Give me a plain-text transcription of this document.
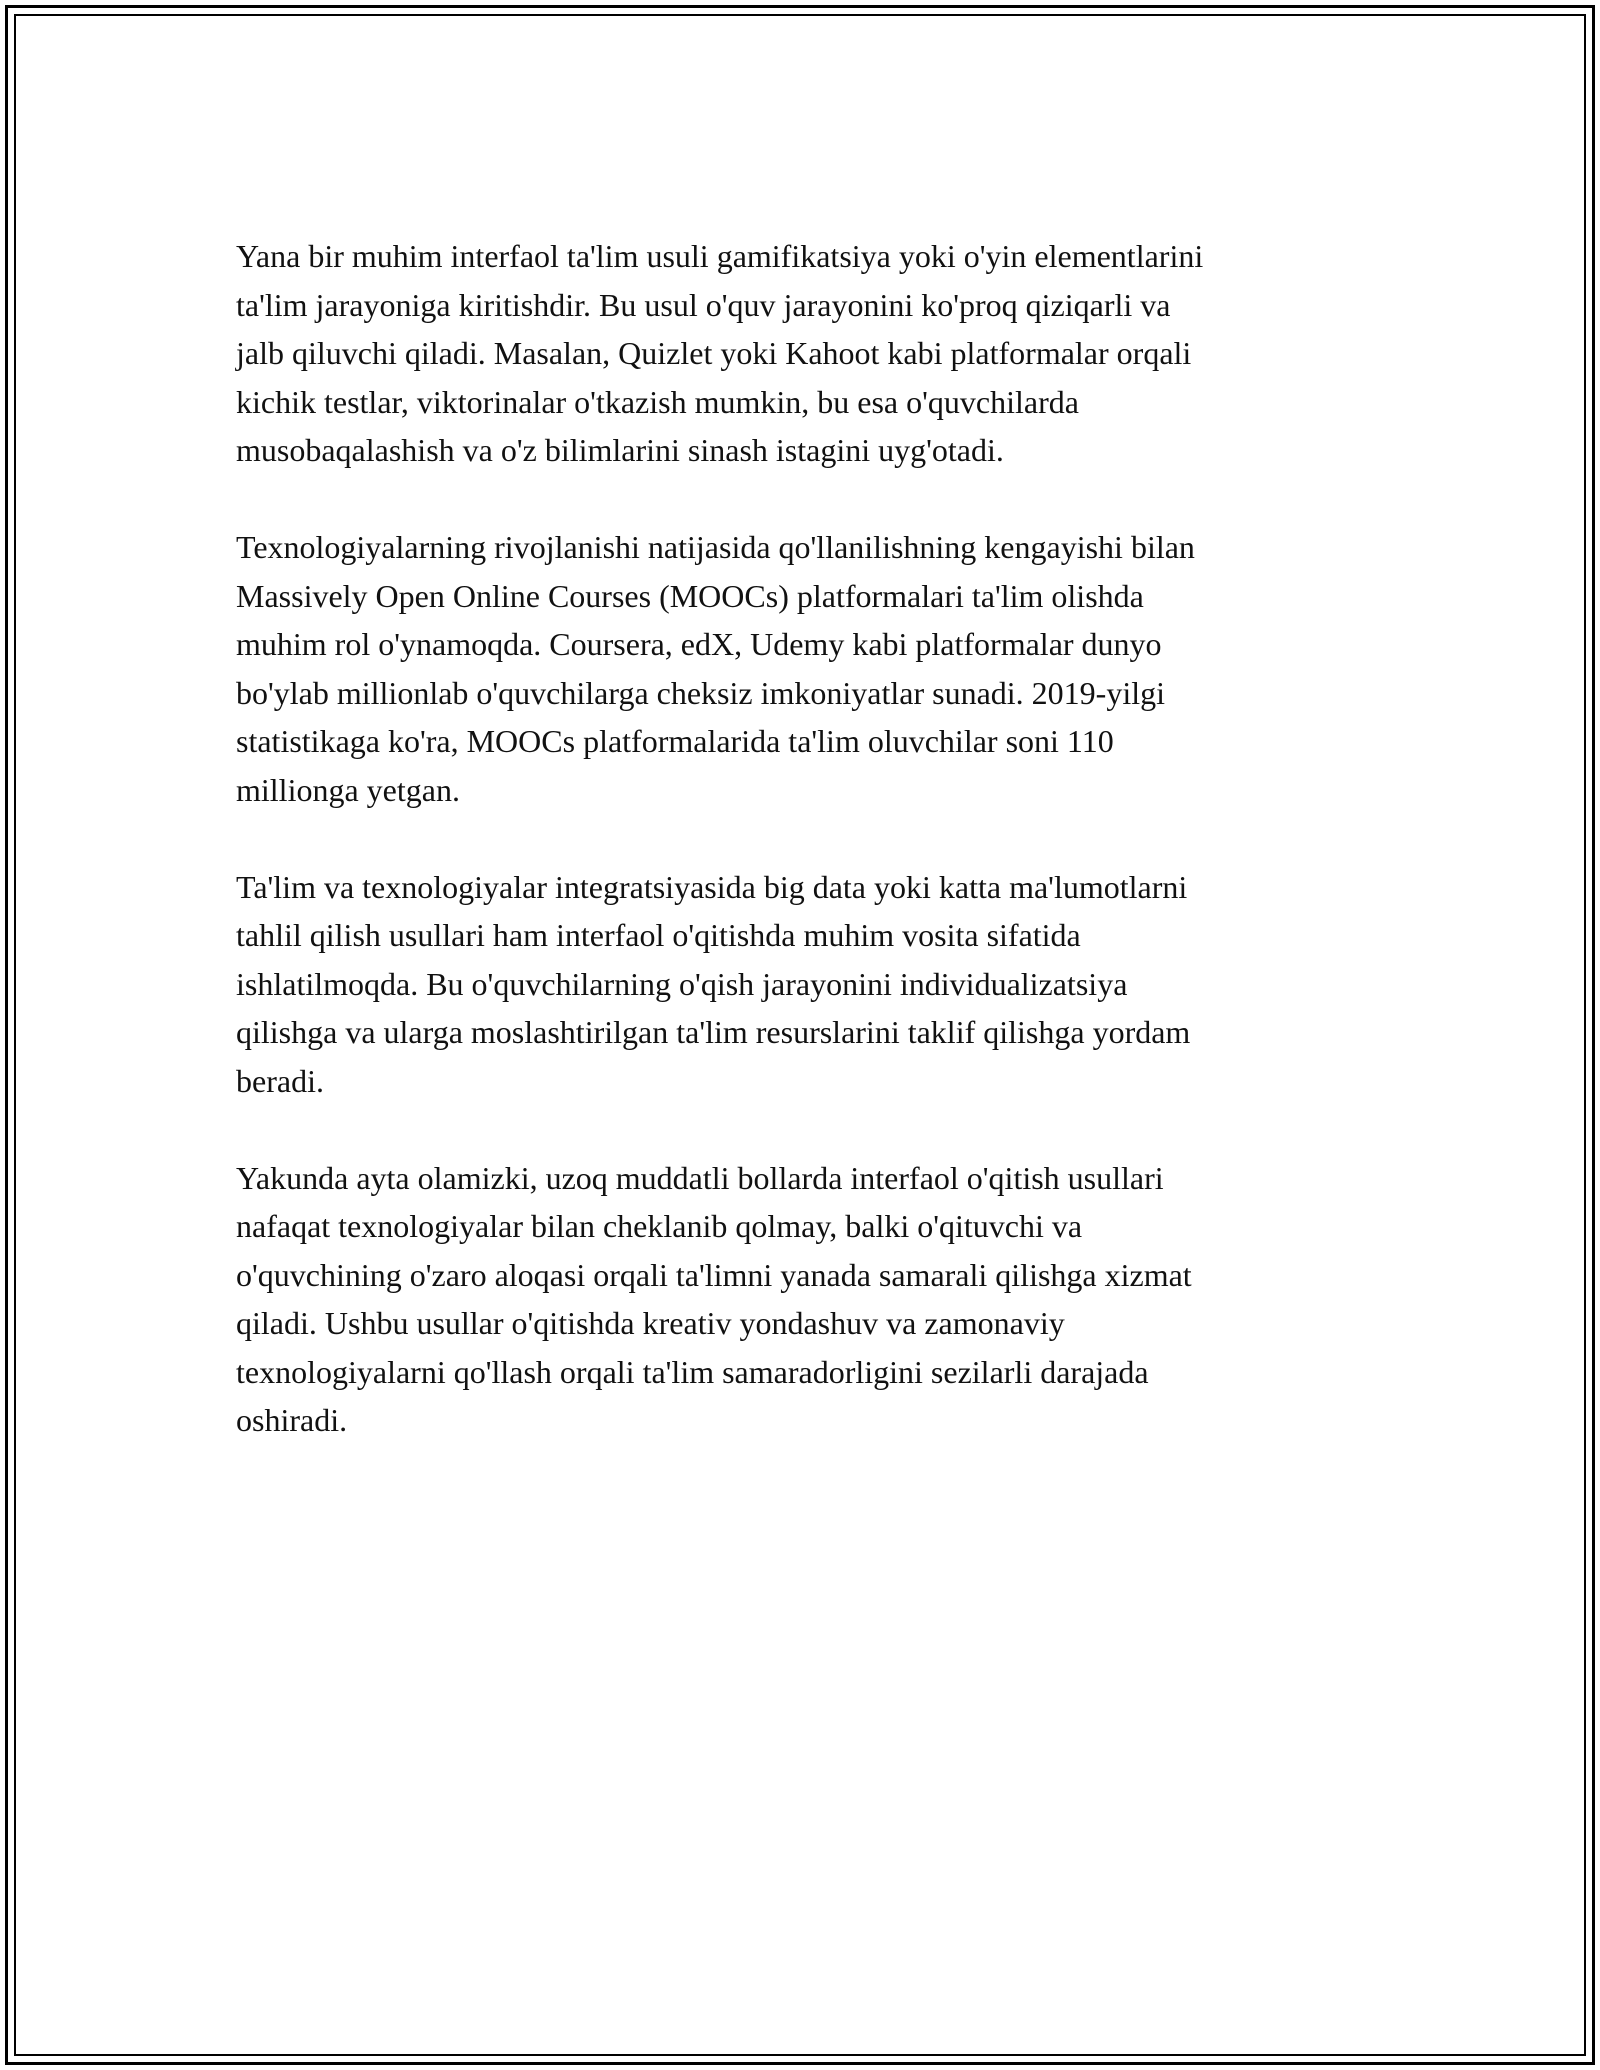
Yana bir muhim interfaol ta'lim usuli gamifikatsiya yoki o'yin elementlarini
ta'lim jarayoniga kiritishdir. Bu usul o'quv jarayonini ko'proq qiziqarli va
jalb qiluvchi qiladi. Masalan, Quizlet yoki Kahoot kabi platformalar orqali
kichik testlar, viktorinalar o'tkazish mumkin, bu esa o'quvchilarda
musobaqalashish va o'z bilimlarini sinash istagini uyg'otadi.

Texnologiyalarning rivojlanishi natijasida qo'llanilishning kengayishi bilan
Massively Open Online Courses (MOOCs) platformalari ta'lim olishda
muhim rol o'ynamoqda. Coursera, edX, Udemy kabi platformalar dunyo
bo'ylab millionlab o'quvchilarga cheksiz imkoniyatlar sunadi. 2019-yilgi
statistikaga ko'ra, MOOCs platformalarida ta'lim oluvchilar soni 110
millionga yetgan.

Ta'lim va texnologiyalar integratsiyasida big data yoki katta ma'lumotlarni
tahlil qilish usullari ham interfaol o'qitishda muhim vosita sifatida
ishlatilmoqda. Bu o'quvchilarning o'qish jarayonini individualizatsiya
qilishga va ularga moslashtirilgan ta'lim resurslarini taklif qilishga yordam
beradi.

Yakunda ayta olamizki, uzoq muddatli bollarda interfaol o'qitish usullari
nafaqat texnologiyalar bilan cheklanib qolmay, balki o'qituvchi va
o'quvchining o'zaro aloqasi orqali ta'limni yanada samarali qilishga xizmat
qiladi. Ushbu usullar o'qitishda kreativ yondashuv va zamonaviy
texnologiyalarni qo'llash orqali ta'lim samaradorligini sezilarli darajada
oshiradi.
